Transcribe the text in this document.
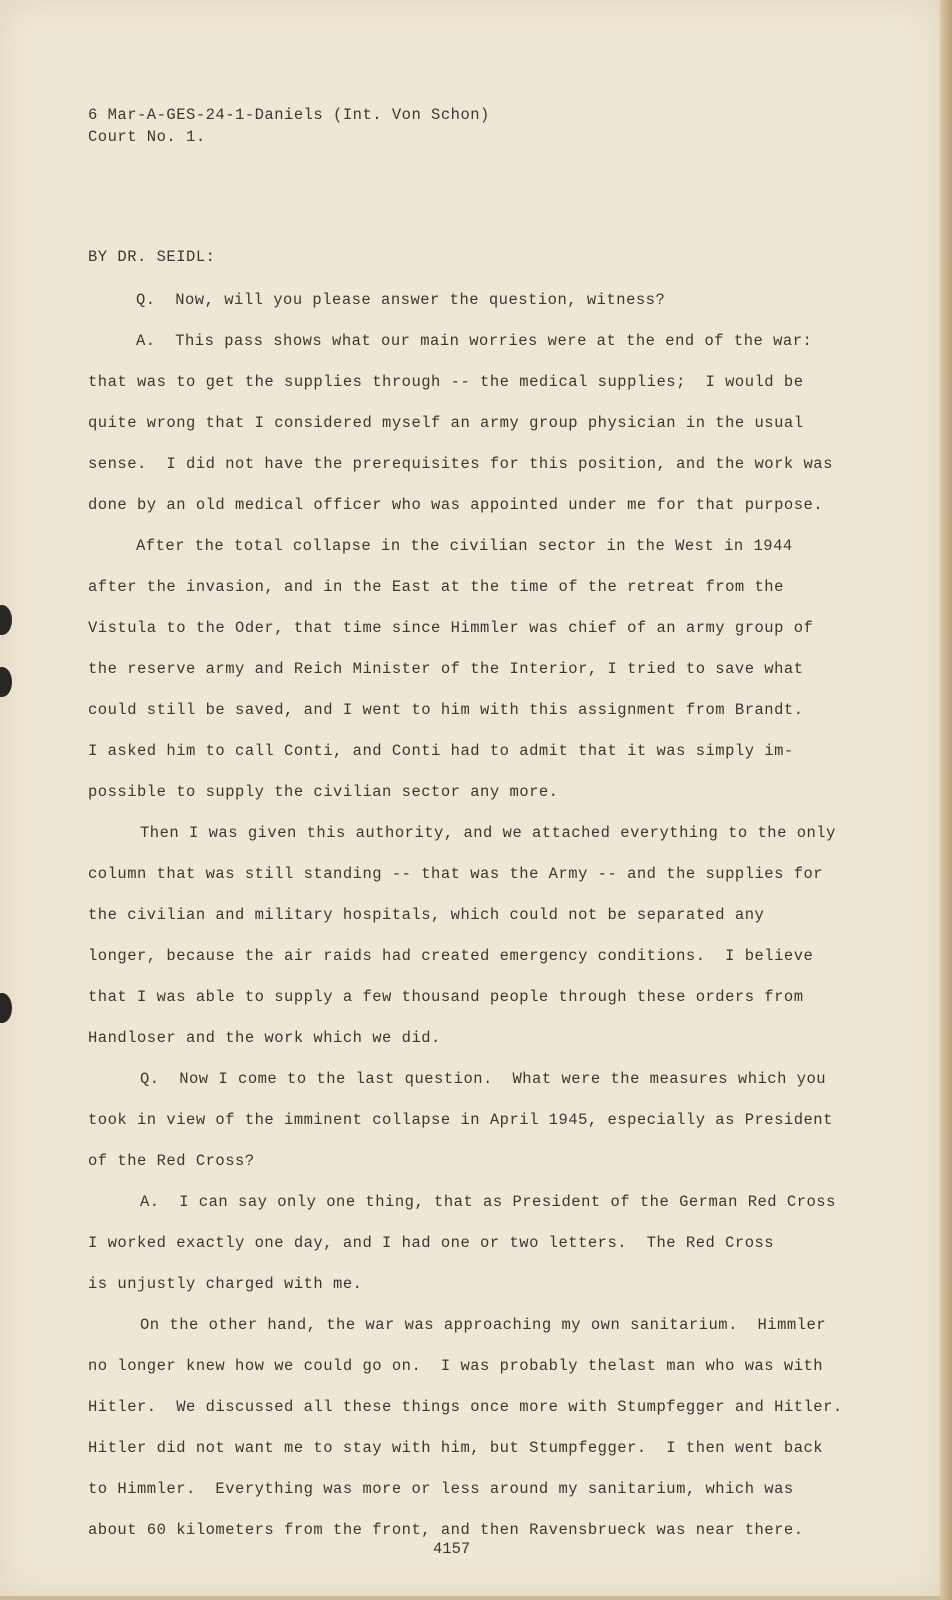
6 Mar-A-GES-24-1-Daniels (Int. Von Schon)

Court No. 1.

BY DR. SEIDL:

Q.  Now, will you please answer the question, witness?

A.  This pass shows what our main worries were at the end of the war:

that was to get the supplies through -- the medical supplies;  I would be

quite wrong that I considered myself an army group physician in the usual

sense.  I did not have the prerequisites for this position, and the work was

done by an old medical officer who was appointed under me for that purpose.

After the total collapse in the civilian sector in the West in 1944

after the invasion, and in the East at the time of the retreat from the

Vistula to the Oder, that time since Himmler was chief of an army group of

the reserve army and Reich Minister of the Interior, I tried to save what

could still be saved, and I went to him with this assignment from Brandt.

I asked him to call Conti, and Conti had to admit that it was simply im-

possible to supply the civilian sector any more.

Then I was given this authority, and we attached everything to the only

column that was still standing -- that was the Army -- and the supplies for

the civilian and military hospitals, which could not be separated any

longer, because the air raids had created emergency conditions.  I believe

that I was able to supply a few thousand people through these orders from

Handloser and the work which we did.

Q.  Now I come to the last question.  What were the measures which you

took in view of the imminent collapse in April 1945, especially as President

of the Red Cross?

A.  I can say only one thing, that as President of the German Red Cross

I worked exactly one day, and I had one or two letters.  The Red Cross

is unjustly charged with me.

On the other hand, the war was approaching my own sanitarium.  Himmler

no longer knew how we could go on.  I was probably thelast man who was with

Hitler.  We discussed all these things once more with Stumpfegger and Hitler.

Hitler did not want me to stay with him, but Stumpfegger.  I then went back

to Himmler.  Everything was more or less around my sanitarium, which was

about 60 kilometers from the front, and then Ravensbrueck was near there.

4157
